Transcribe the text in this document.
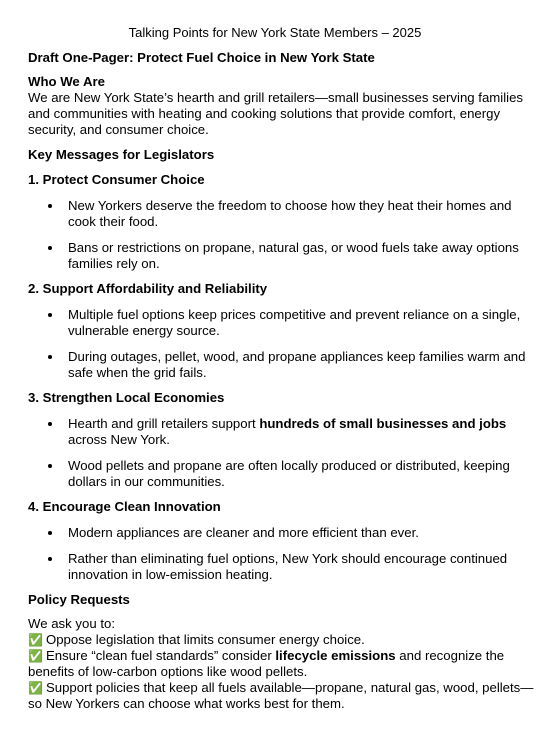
Talking Points for New York State Members – 2025

Draft One-Pager: Protect Fuel Choice in New York State

Who We Are

We are New York State’s hearth and grill retailers—small businesses serving families and communities with heating and cooking solutions that provide comfort, energy security, and consumer choice.

Key Messages for Legislators

1. Protect Consumer Choice

New Yorkers deserve the freedom to choose how they heat their homes and cook their food.
Bans or restrictions on propane, natural gas, or wood fuels take away options families rely on.

2. Support Affordability and Reliability

Multiple fuel options keep prices competitive and prevent reliance on a single, vulnerable energy source.
During outages, pellet, wood, and propane appliances keep families warm and safe when the grid fails.

3. Strengthen Local Economies

Hearth and grill retailers support hundreds of small businesses and jobs across New York.
Wood pellets and propane are often locally produced or distributed, keeping dollars in our communities.

4. Encourage Clean Innovation

Modern appliances are cleaner and more efficient than ever.
Rather than eliminating fuel options, New York should encourage continued innovation in low-emission heating.

Policy Requests

We ask you to:

✅ Oppose legislation that limits consumer energy choice.

✅ Ensure “clean fuel standards” consider lifecycle emissions and recognize the benefits of low-carbon options like wood pellets.

✅ Support policies that keep all fuels available—propane, natural gas, wood, pellets—so New Yorkers can choose what works best for them.
